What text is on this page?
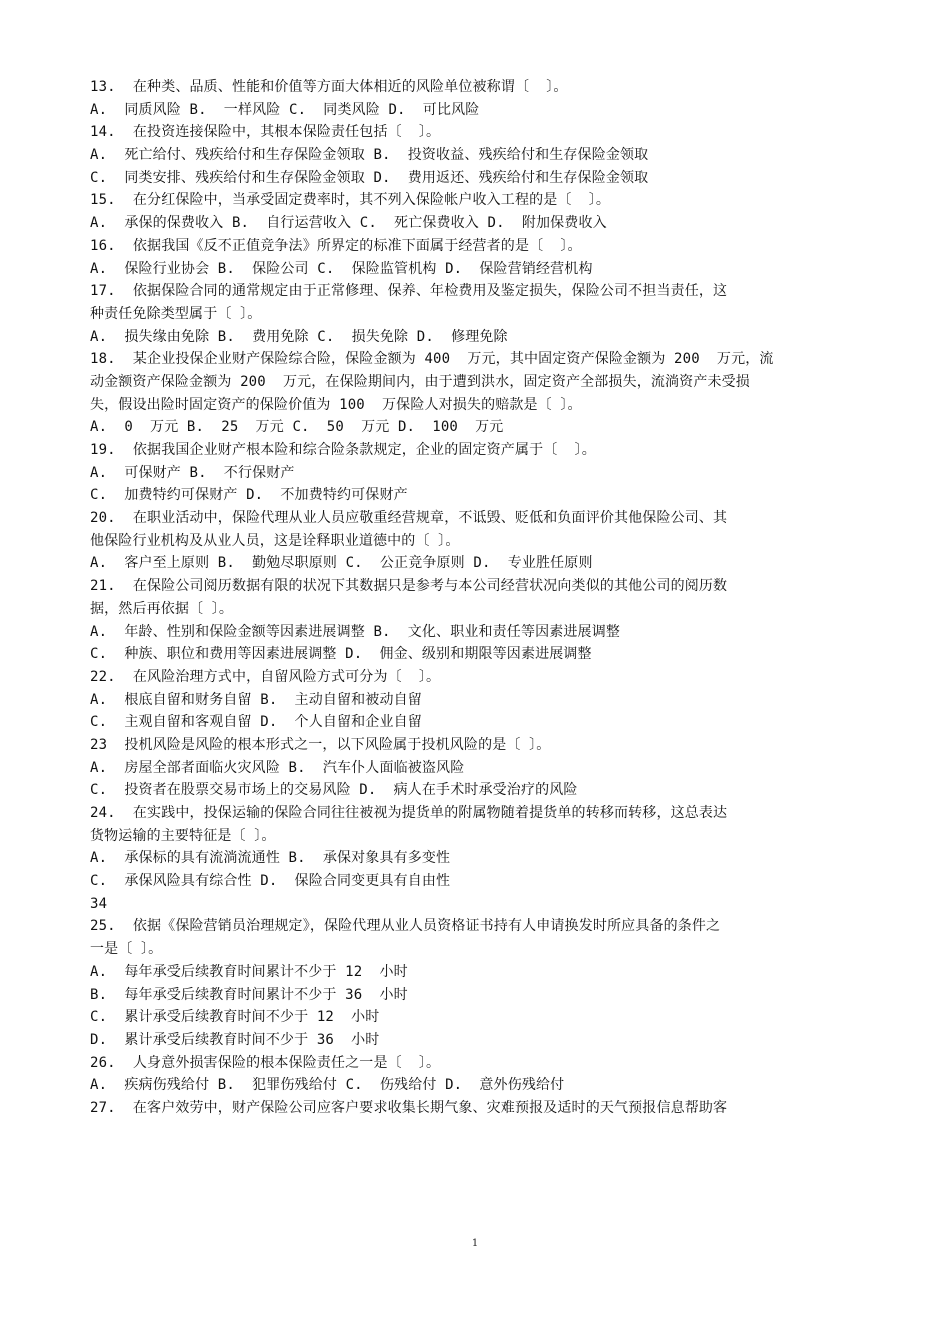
13.  在种类、品质、性能和价值等方面大体相近的风险单位被称谓〔  〕。
A.  同质风险 B.  一样风险 C.  同类风险 D.  可比风险
14.  在投资连接保险中，其根本保险责任包括〔  〕。
A.  死亡给付、残疾给付和生存保险金领取 B.  投资收益、残疾给付和生存保险金领取
C.  同类安排、残疾给付和生存保险金领取 D.  费用返还、残疾给付和生存保险金领取
15.  在分红保险中，当承受固定费率时，其不列入保险帐户收入工程的是〔  〕。
A.  承保的保费收入 B.  自行运营收入 C.  死亡保费收入 D.  附加保费收入
16.  依据我国《反不正值竞争法》所界定的标准下面属于经营者的是〔  〕。
A.  保险行业协会 B.  保险公司 C.  保险监管机构 D.  保险营销经营机构
17.  依据保险合同的通常规定由于正常修理、保养、年检费用及鉴定损失，保险公司不担当责任，这
种责任免除类型属于〔 〕。
A.  损失缘由免除 B.  费用免除 C.  损失免除 D.  修理免除
18.  某企业投保企业财产保险综合险，保险金额为 400  万元，其中固定资产保险金额为 200  万元，流
动金额资产保险金额为 200  万元，在保险期间内，由于遭到洪水，固定资产全部损失，流淌资产未受损
失，假设出险时固定资产的保险价值为 100  万保险人对损失的赔款是〔 〕。
A.  0  万元 B.  25  万元 C.  50  万元 D.  100  万元
19.  依据我国企业财产根本险和综合险条款规定，企业的固定资产属于〔  〕。
A.  可保财产 B.  不行保财产
C.  加费特约可保财产 D.  不加费特约可保财产
20.  在职业活动中，保险代理从业人员应敬重经营规章，不诋毁、贬低和负面评价其他保险公司、其
他保险行业机构及从业人员，这是诠释职业道德中的〔 〕。
A.  客户至上原则 B.  勤勉尽职原则 C.  公正竞争原则 D.  专业胜任原则
21.  在保险公司阅历数据有限的状况下其数据只是参考与本公司经营状况向类似的其他公司的阅历数
据，然后再依据〔 〕。
A.  年龄、性别和保险金额等因素进展调整 B.  文化、职业和责任等因素进展调整
C.  种族、职位和费用等因素进展调整 D.  佣金、级别和期限等因素进展调整
22.  在风险治理方式中，自留风险方式可分为〔  〕。
A.  根底自留和财务自留 B.  主动自留和被动自留
C.  主观自留和客观自留 D.  个人自留和企业自留
23  投机风险是风险的根本形式之一，以下风险属于投机风险的是〔 〕。
A.  房屋全部者面临火灾风险 B.  汽车仆人面临被盗风险
C.  投资者在股票交易市场上的交易风险 D.  病人在手术时承受治疗的风险
24.  在实践中，投保运输的保险合同往往被视为提货单的附属物随着提货单的转移而转移，这总表达
货物运输的主要特征是〔 〕。
A.  承保标的具有流淌流通性 B.  承保对象具有多变性
C.  承保风险具有综合性 D.  保险合同变更具有自由性
34
25.  依据《保险营销员治理规定》，保险代理从业人员资格证书持有人申请换发时所应具备的条件之
一是〔 〕。
A.  每年承受后续教育时间累计不少于 12  小时
B.  每年承受后续教育时间累计不少于 36  小时
C.  累计承受后续教育时间不少于 12  小时
D.  累计承受后续教育时间不少于 36  小时
26.  人身意外损害保险的根本保险责任之一是〔  〕。
A.  疾病伤残给付 B.  犯罪伤残给付 C.  伤残给付 D.  意外伤残给付
27.  在客户效劳中，财产保险公司应客户要求收集长期气象、灾难预报及适时的天气预报信息帮助客
1
